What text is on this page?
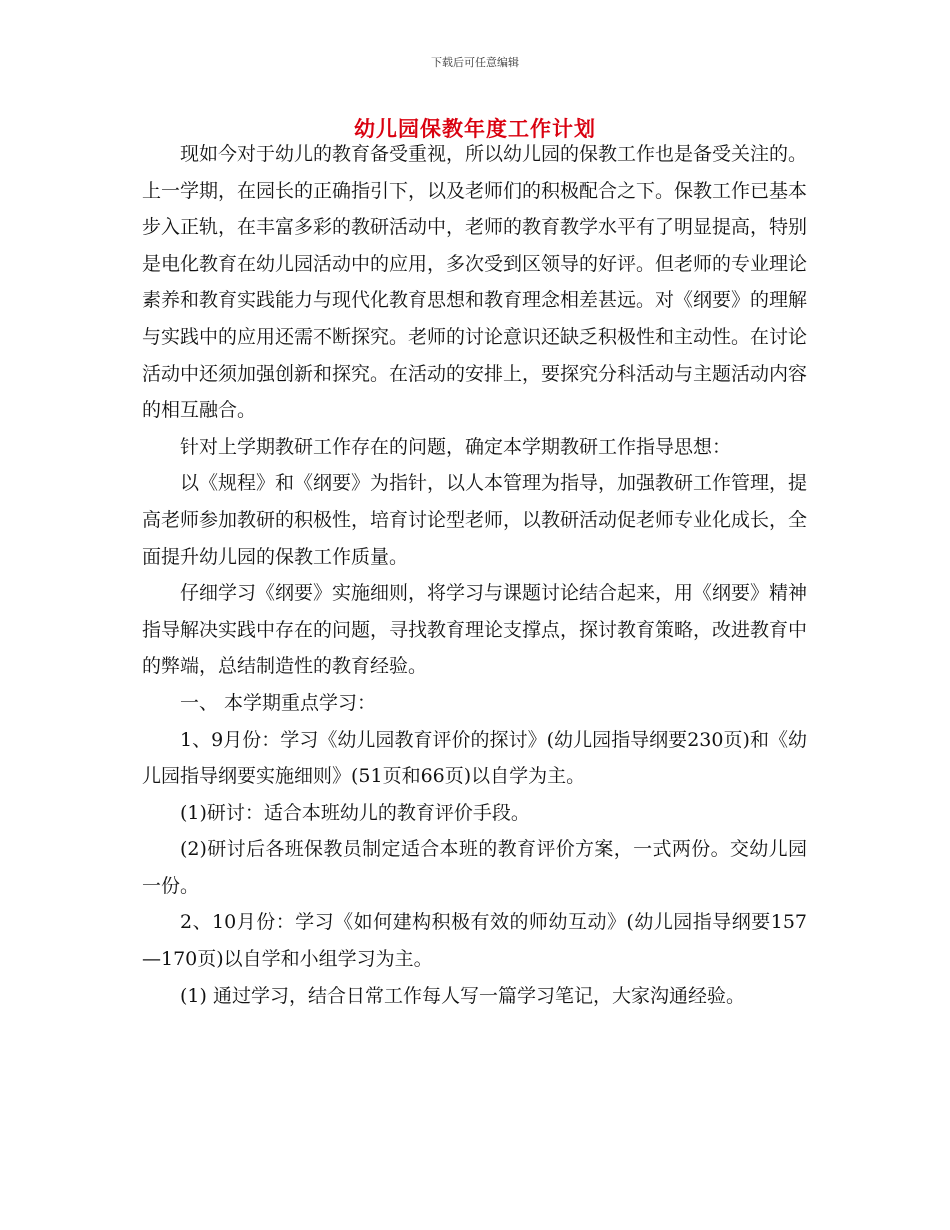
下载后可任意编辑
幼儿园保教年度工作计划

现如今对于幼儿的教育备受重视，所以幼儿园的保教工作也是备受关注的。上一学期，在园长的正确指引下，以及老师们的积极配合之下。保教工作已基本步入正轨，在丰富多彩的教研活动中，老师的教育教学水平有了明显提高，特别是电化教育在幼儿园活动中的应用，多次受到区领导的好评。但老师的专业理论素养和教育实践能力与现代化教育思想和教育理念相差甚远。对《纲要》的理解与实践中的应用还需不断探究。老师的讨论意识还缺乏积极性和主动性。在讨论活动中还须加强创新和探究。在活动的安排上，要探究分科活动与主题活动内容的相互融合。

针对上学期教研工作存在的问题，确定本学期教研工作指导思想：

以《规程》和《纲要》为指针，以人本管理为指导，加强教研工作管理，提高老师参加教研的积极性，培育讨论型老师，以教研活动促老师专业化成长，全面提升幼儿园的保教工作质量。

仔细学习《纲要》实施细则，将学习与课题讨论结合起来，用《纲要》精神指导解决实践中存在的问题，寻找教育理论支撑点，探讨教育策略，改进教育中的弊端，总结制造性的教育经验。

一、 本学期重点学习：

1、9月份：学习《幼儿园教育评价的探讨》(幼儿园指导纲要230页)和《幼儿园指导纲要实施细则》(51页和66页)以自学为主。

(1)研讨：适合本班幼儿的教育评价手段。

(2)研讨后各班保教员制定适合本班的教育评价方案，一式两份。交幼儿园一份。

2、10月份：学习《如何建构积极有效的师幼互动》(幼儿园指导纲要157—170页)以自学和小组学习为主。

(1) 通过学习，结合日常工作每人写一篇学习笔记，大家沟通经验。
